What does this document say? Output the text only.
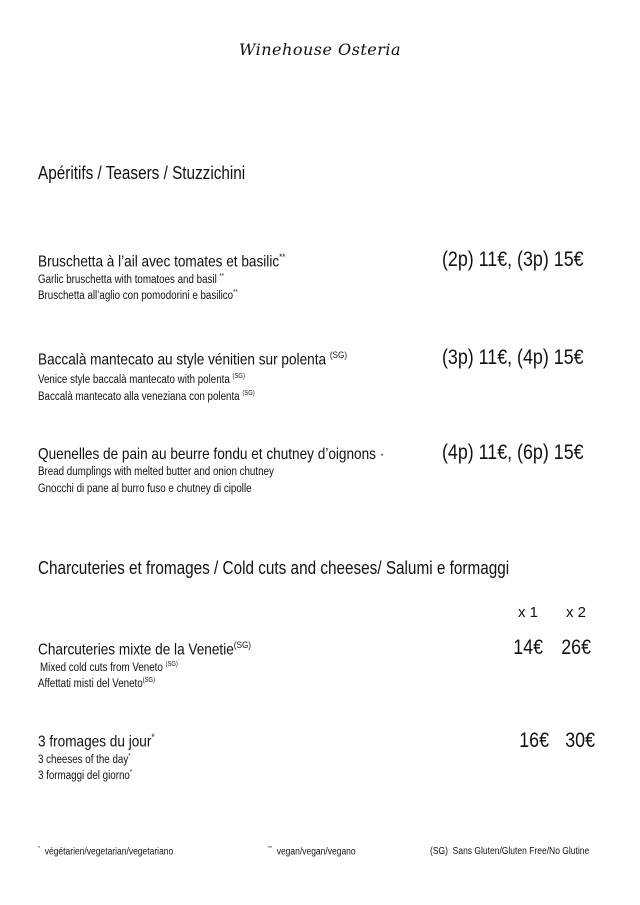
Winehouse Osteria
Apéritifs / Teasers / Stuzzichini
Bruschetta à l’ail avec tomates et basilic**
Garlic bruschetta with tomatoes and basil **
Bruschetta all’aglio con pomodorini e basilico**
(2p) 11€, (3p) 15€
Baccalà mantecato au style vénitien sur polenta $^{(SG)}$
Venice style baccalà mantecato with polenta $^{(SG)}$
Baccalà mantecato alla veneziana con polenta $^{(SG)}$
(3p) 11€, (4p) 15€
Quenelles de pain au beurre fondu et chutney d’oignons ·
Bread dumplings with melted butter and onion chutney
Gnocchi di pane al burro fuso e chutney di cipolle
(4p) 11€, (6p) 15€
Charcuteries et fromages / Cold cuts and cheeses/ Salumi e formaggi
x 1 x 2
Charcuteries mixte de la Venetie$^{(SG)}$
Mixed cold cuts from Veneto $^{(SG)}$
Affettati misti del Veneto$^{(SG)}$
14€ 26€
3 fromages du jour*
3 cheeses of the day*
3 formaggi del giorno*
16€ 30€
* végétarien/vegetarian/vegetariano	** vegan/vegan/vegano	(SG) Sans Gluten/Gluten Free/No Glutine
